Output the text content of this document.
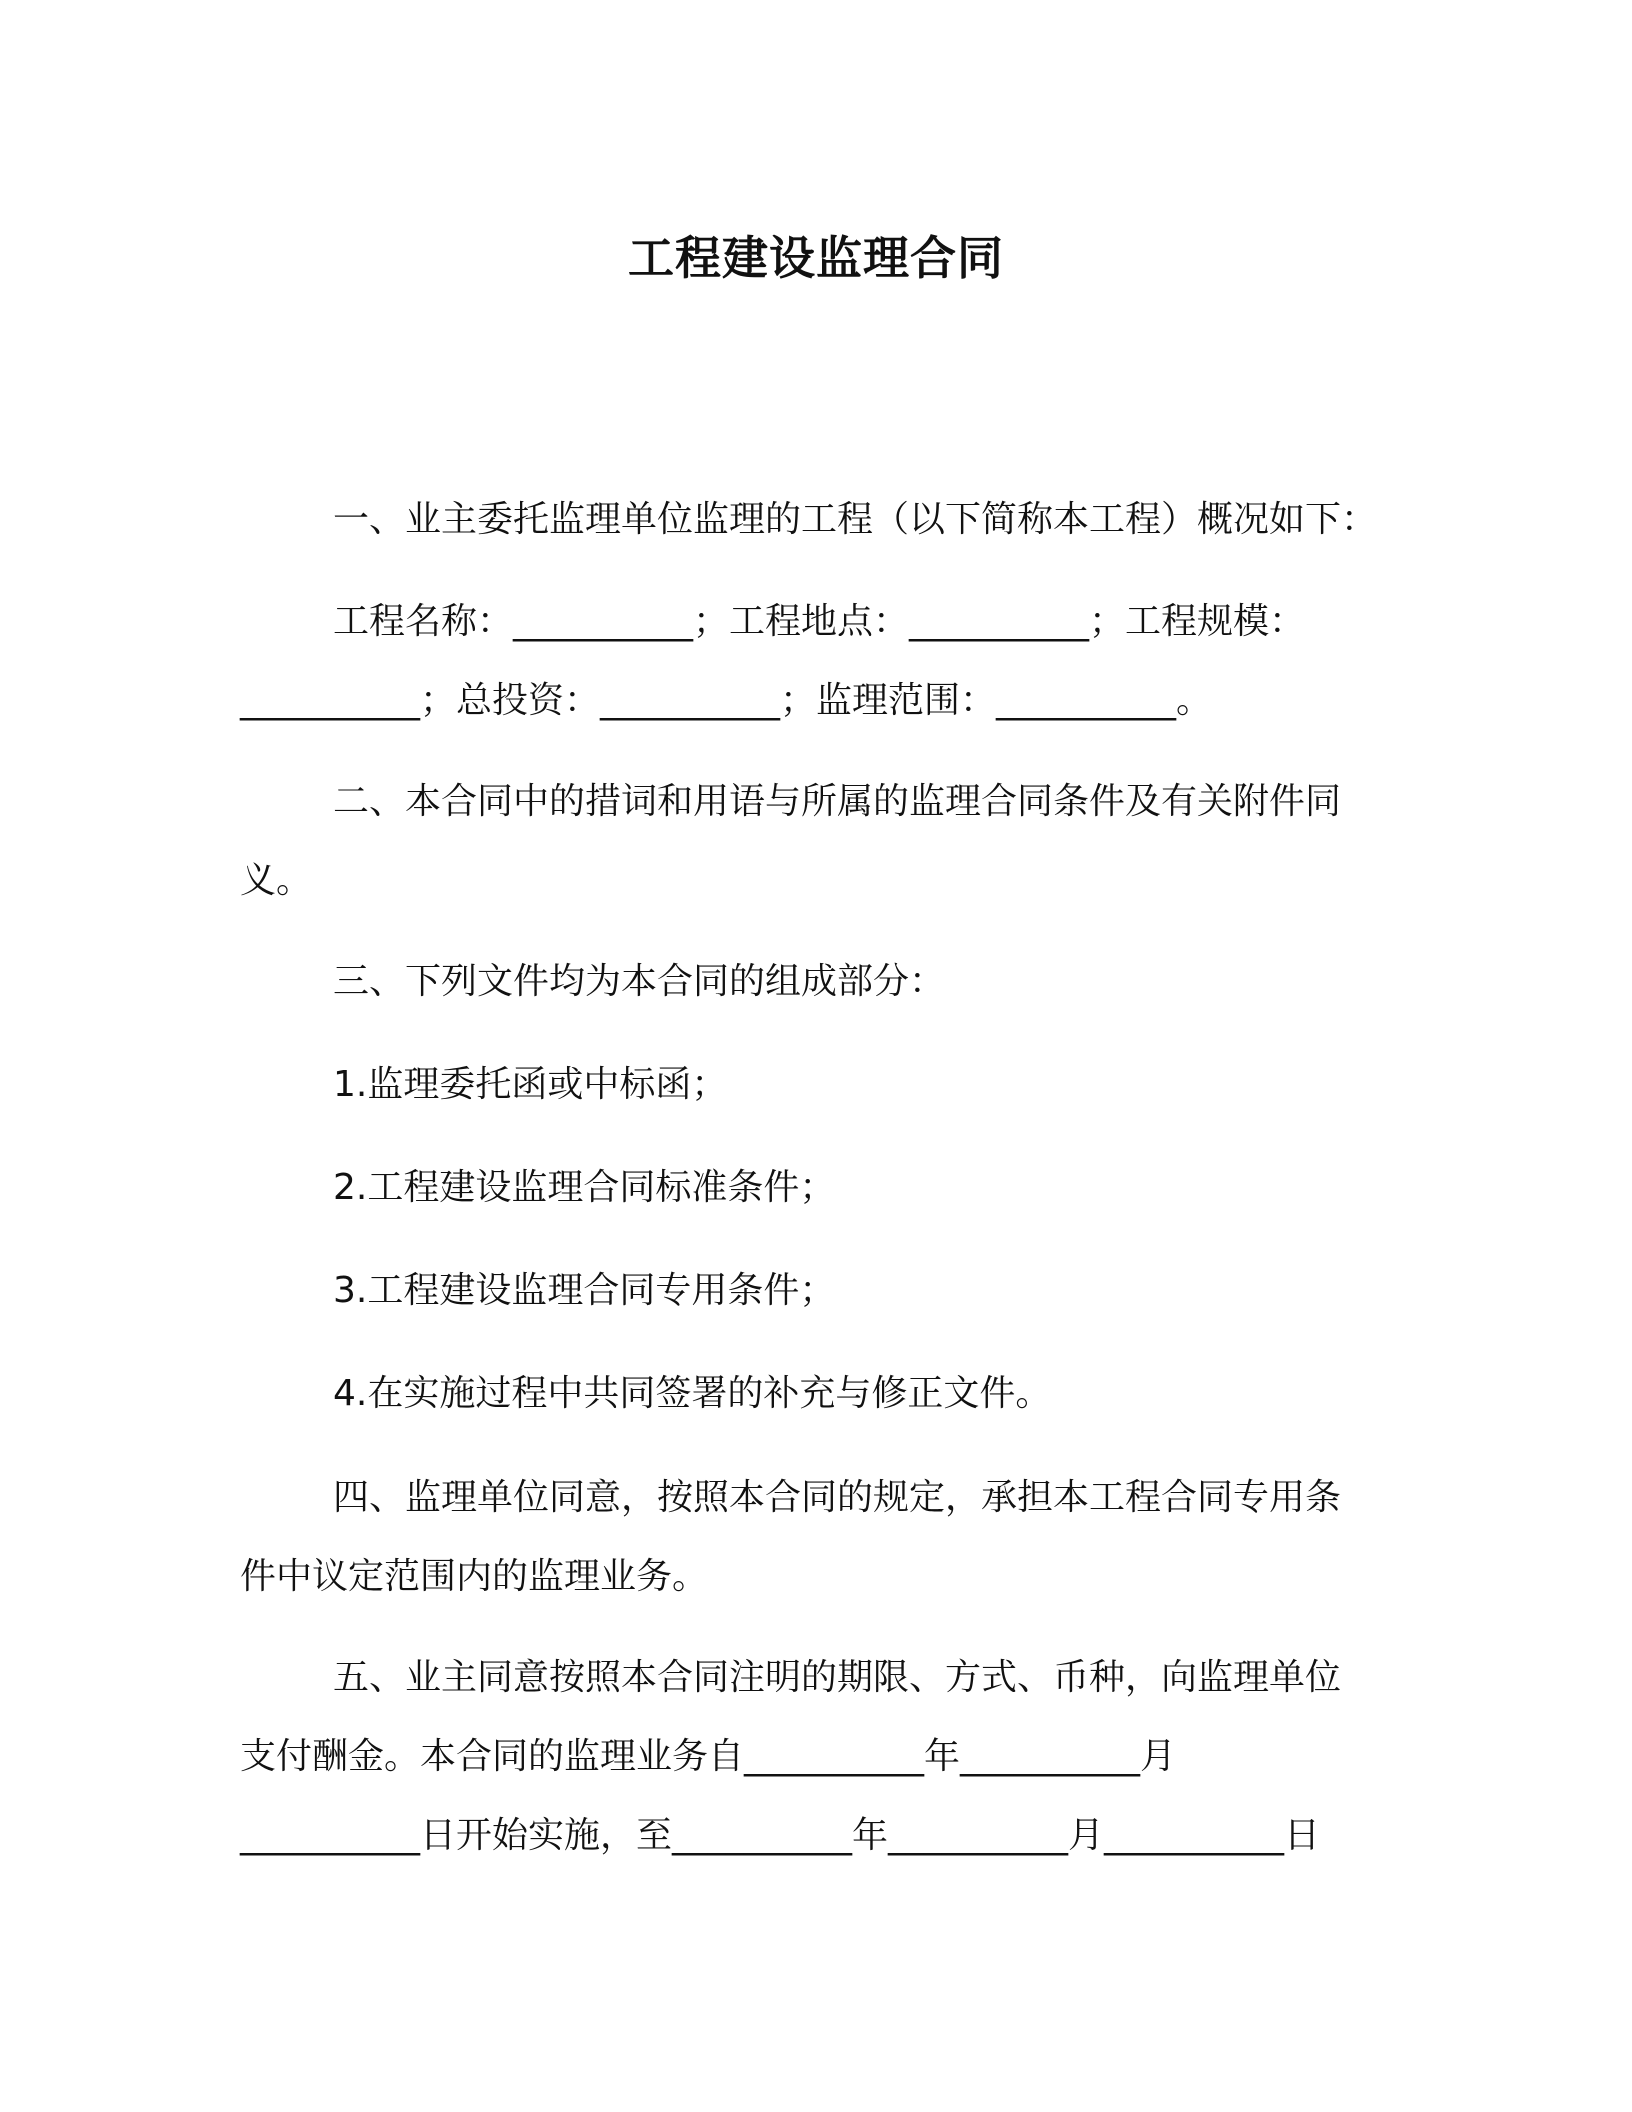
工程建设监理合同
一、业主委托监理单位监理的工程（以下简称本工程）概况如下：
工程名称：__________；工程地点：__________；工程规模：
__________；总投资：__________；监理范围：__________。
二、本合同中的措词和用语与所属的监理合同条件及有关附件同
义。
三、下列文件均为本合同的组成部分：
1.监理委托函或中标函；
2.工程建设监理合同标准条件；
3.工程建设监理合同专用条件；
4.在实施过程中共同签署的补充与修正文件。
四、监理单位同意，按照本合同的规定，承担本工程合同专用条
件中议定范围内的监理业务。
五、业主同意按照本合同注明的期限、方式、币种，向监理单位
支付酬金。本合同的监理业务自__________年__________月
__________日开始实施，至__________年__________月__________日
